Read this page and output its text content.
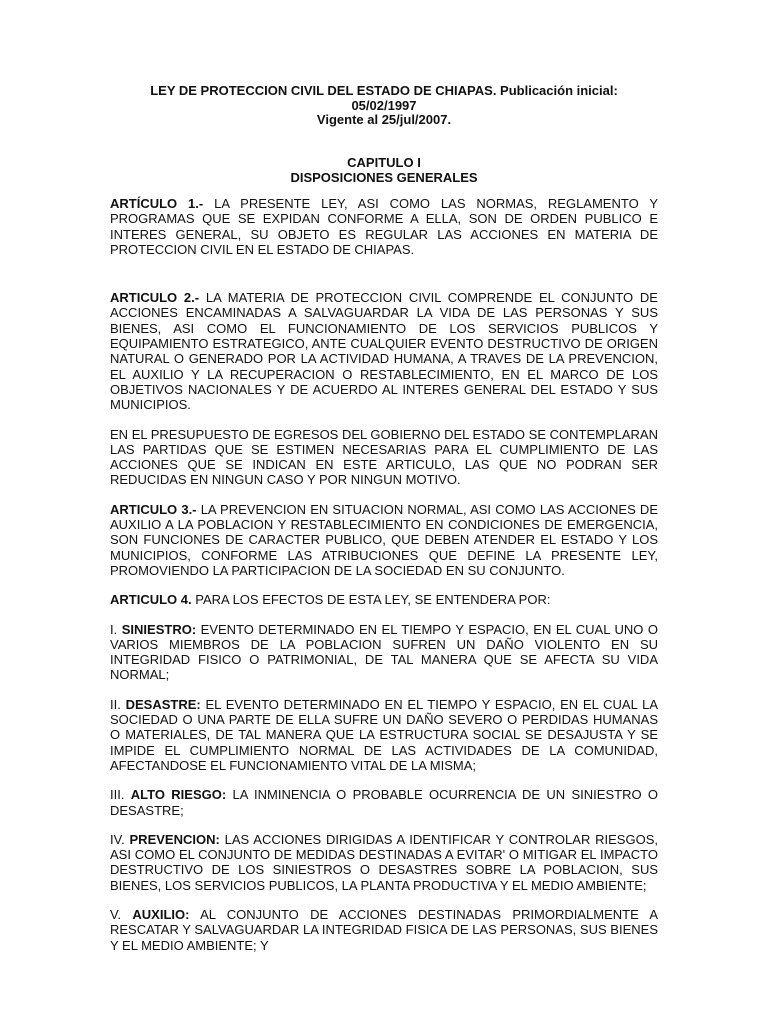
LEY DE PROTECCION CIVIL DEL ESTADO DE CHIAPAS. Publicación inicial:
05/02/1997
Vigente al 25/jul/2007.
CAPITULO I
DISPOSICIONES GENERALES

ARTÍCULO 1.- LA PRESENTE LEY, ASI COMO LAS NORMAS, REGLAMENTO Y PROGRAMAS QUE SE EXPIDAN CONFORME A ELLA, SON DE ORDEN PUBLICO E INTERES GENERAL, SU OBJETO ES REGULAR LAS ACCIONES EN MATERIA DE PROTECCION CIVIL EN EL ESTADO DE CHIAPAS.

ARTICULO 2.- LA MATERIA DE PROTECCION CIVIL COMPRENDE EL CONJUNTO DE ACCIONES ENCAMINADAS A SALVAGUARDAR LA VIDA DE LAS PERSONAS Y SUS BIENES, ASI COMO EL FUNCIONAMIENTO DE LOS SERVICIOS PUBLICOS Y EQUIPAMIENTO ESTRATEGICO, ANTE CUALQUIER EVENTO DESTRUCTIVO DE ORIGEN NATURAL O GENERADO POR LA ACTIVIDAD HUMANA, A TRAVES DE LA PREVENCION, EL AUXILIO Y LA RECUPERACION O RESTABLECIMIENTO, EN EL MARCO DE LOS OBJETIVOS NACIONALES Y DE ACUERDO AL INTERES GENERAL DEL ESTADO Y SUS MUNICIPIOS.

EN EL PRESUPUESTO DE EGRESOS DEL GOBIERNO DEL ESTADO SE CONTEMPLARAN LAS PARTIDAS QUE SE ESTIMEN NECESARIAS PARA EL CUMPLIMIENTO DE LAS ACCIONES QUE SE INDICAN EN ESTE ARTICULO, LAS QUE NO PODRAN SER REDUCIDAS EN NINGUN CASO Y POR NINGUN MOTIVO.

ARTICULO 3.- LA PREVENCION EN SITUACION NORMAL, ASI COMO LAS ACCIONES DE AUXILIO A LA POBLACION Y RESTABLECIMIENTO EN CONDICIONES DE EMERGENCIA, SON FUNCIONES DE CARACTER PUBLICO, QUE DEBEN ATENDER EL ESTADO Y LOS MUNICIPIOS, CONFORME LAS ATRIBUCIONES QUE DEFINE LA PRESENTE LEY, PROMOVIENDO LA PARTICIPACION DE LA SOCIEDAD EN SU CONJUNTO.

ARTICULO 4. PARA LOS EFECTOS DE ESTA LEY, SE ENTENDERA POR:

I. SINIESTRO: EVENTO DETERMINADO EN EL TIEMPO Y ESPACIO, EN EL CUAL UNO O VARIOS MIEMBROS DE LA POBLACION SUFREN UN DAÑO VIOLENTO EN SU INTEGRIDAD FISICO O PATRIMONIAL, DE TAL MANERA QUE SE AFECTA SU VIDA NORMAL;

II. DESASTRE: EL EVENTO DETERMINADO EN EL TIEMPO Y ESPACIO, EN EL CUAL LA SOCIEDAD O UNA PARTE DE ELLA SUFRE UN DAÑO SEVERO O PERDIDAS HUMANAS O MATERIALES, DE TAL MANERA QUE LA ESTRUCTURA SOCIAL SE DESAJUSTA Y SE IMPIDE EL CUMPLIMIENTO NORMAL DE LAS ACTIVIDADES DE LA COMUNIDAD, AFECTANDOSE EL FUNCIONAMIENTO VITAL DE LA MISMA;

III. ALTO RIESGO: LA INMINENCIA O PROBABLE OCURRENCIA DE UN SINIESTRO O DESASTRE;

IV. PREVENCION: LAS ACCIONES DIRIGIDAS A IDENTIFICAR Y CONTROLAR RIESGOS, ASI COMO EL CONJUNTO DE MEDIDAS DESTINADAS A EVITAR' O MITIGAR EL IMPACTO DESTRUCTIVO DE LOS SINIESTROS O DESASTRES SOBRE LA POBLACION, SUS BIENES, LOS SERVICIOS PUBLICOS, LA PLANTA PRODUCTIVA Y EL MEDIO AMBIENTE;

V. AUXILIO: AL CONJUNTO DE ACCIONES DESTINADAS PRIMORDIALMENTE A RESCATAR Y SALVAGUARDAR LA INTEGRIDAD FISICA DE LAS PERSONAS, SUS BIENES Y EL MEDIO AMBIENTE; Y
